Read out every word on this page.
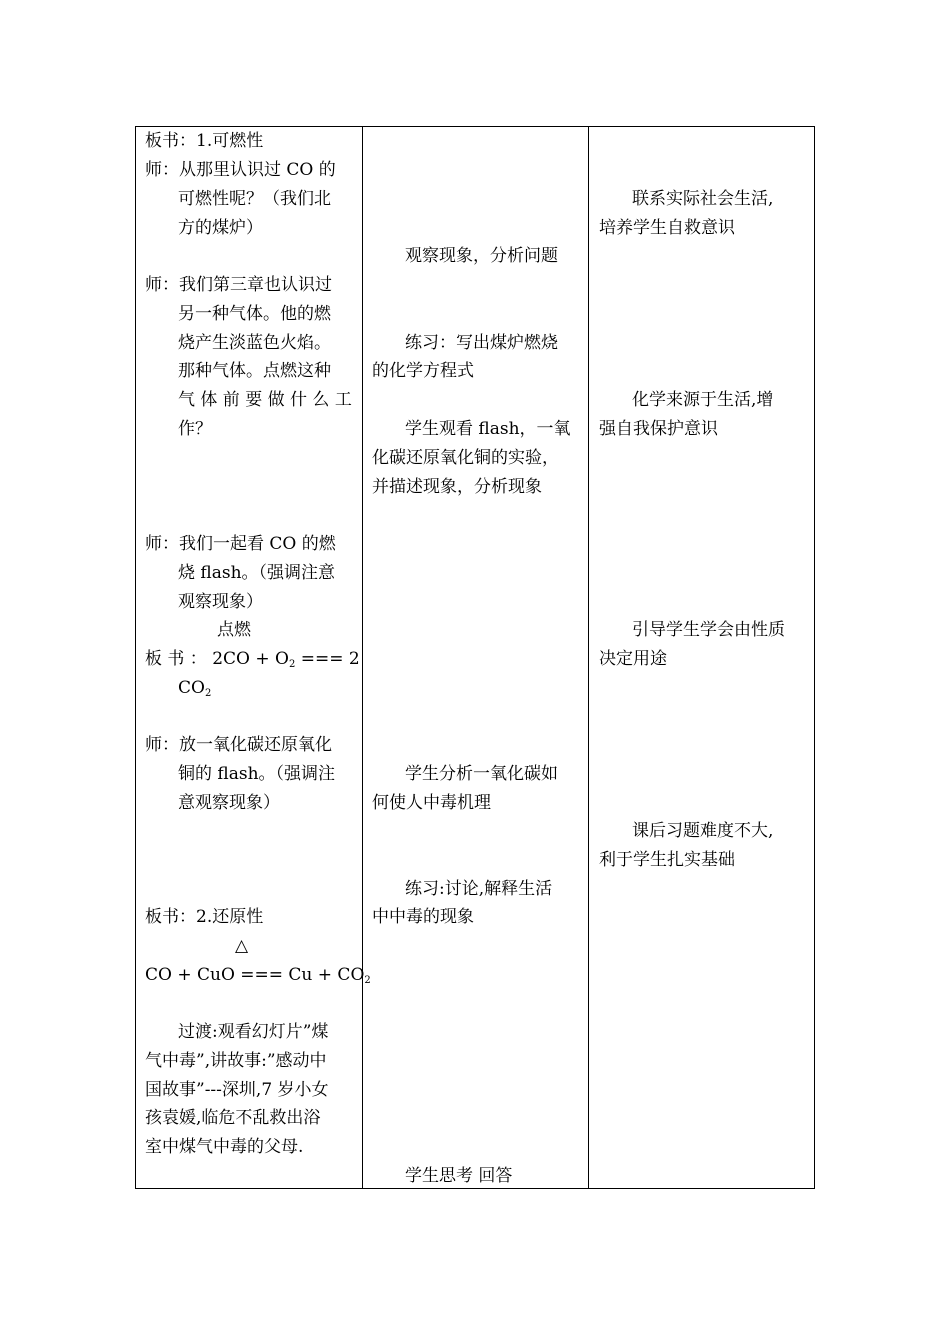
板书：1.可燃性
师：从那里认识过 CO 的
可燃性呢？（我们北
方的煤炉）
师：我们第三章也认识过
另一种气体。他的燃
烧产生淡蓝色火焰。
那种气体。点燃这种
气 体 前 要 做 什 么 工
作？
师：我们一起看 CO 的燃
烧 flash。（强调注意
观察现象）
点燃
板 书 ： $2CO + O_2$ === 2
$CO_2$
师：放一氧化碳还原氧化
铜的 flash。（强调注
意观察现象）
板书：2.还原性
△
CO + CuO === $Cu + CO_2$
过渡:观看幻灯片”煤
气中毒”,讲故事:”感动中
国故事”---深圳,7 岁小女
孩袁媛,临危不乱救出浴
室中煤气中毒的父母.
观察现象，分析问题
练习：写出煤炉燃烧
的化学方程式
学生观看 flash，一氧
化碳还原氧化铜的实验，
并描述现象，分析现象
学生分析一氧化碳如
何使人中毒机理
练习:讨论,解释生活
中中毒的现象
学生思考 回答
联系实际社会生活,
培养学生自救意识
化学来源于生活,增
强自我保护意识
引导学生学会由性质
决定用途
课后习题难度不大,
利于学生扎实基础
